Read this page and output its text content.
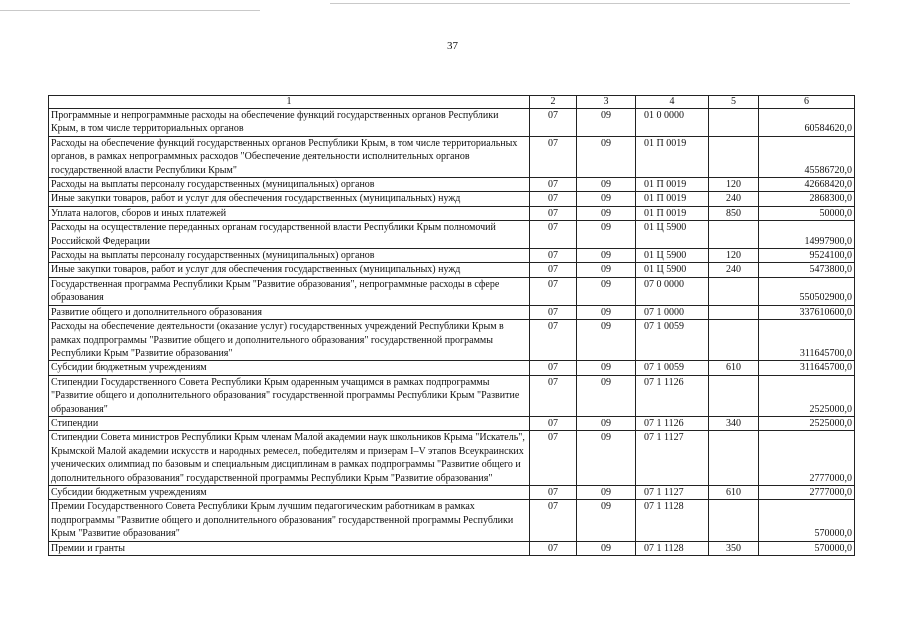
37
1	2	3	4	5	6
Программные и непрограммные расходы на обеспечение функций государственных органов Республики Крым, в том числе территориальных органов	07	09	01 0 0000		60584620,0
Расходы на обеспечение функций государственных органов Республики Крым, в том числе территориальных органов, в рамках непрограммных расходов "Обеспечение деятельности исполнительных органов государственной власти Республики Крым"	07	09	01 П 0019		45586720,0
Расходы на выплаты персоналу государственных (муниципальных) органов	07	09	01 П 0019	120	42668420,0
Иные закупки товаров, работ и услуг для обеспечения государственных (муниципальных) нужд	07	09	01 П 0019	240	2868300,0
Уплата налогов, сборов и иных платежей	07	09	01 П 0019	850	50000,0
Расходы на осуществление переданных органам государственной власти Республики Крым полномочий Российской Федерации	07	09	01 Ц 5900		14997900,0
Расходы на выплаты персоналу государственных (муниципальных) органов	07	09	01 Ц 5900	120	9524100,0
Иные закупки товаров, работ и услуг для обеспечения государственных (муниципальных) нужд	07	09	01 Ц 5900	240	5473800,0
Государственная программа Республики Крым "Развитие образования", непрограммные расходы в сфере образования	07	09	07 0 0000		550502900,0
Развитие общего и дополнительного образования	07	09	07 1 0000		337610600,0
Расходы на обеспечение деятельности (оказание услуг) государственных учреждений Республики Крым в рамках подпрограммы "Развитие общего и дополнительного образования" государственной программы Республики Крым "Развитие образования"	07	09	07 1 0059		311645700,0
Субсидии бюджетным учреждениям	07	09	07 1 0059	610	311645700,0
Стипендии Государственного Совета Республики Крым одаренным учащимся в рамках подпрограммы "Развитие общего и дополнительного образования" государственной программы Республики Крым "Развитие образования"	07	09	07 1 1126		2525000,0
Стипендии	07	09	07 1 1126	340	2525000,0
Стипендии Совета министров Республики Крым членам Малой академии наук школьников Крыма "Искатель", Крымской Малой академии искусств и народных ремесел, победителям и призерам I–V этапов Всеукраинских ученических олимпиад по базовым и специальным дисциплинам в рамках подпрограммы "Развитие общего и дополнительного образования" государственной программы Республики Крым "Развитие образования"	07	09	07 1 1127		2777000,0
Субсидии бюджетным учреждениям	07	09	07 1 1127	610	2777000,0
Премии Государственного Совета Республики Крым лучшим педагогическим работникам в рамках подпрограммы "Развитие общего и дополнительного образования" государственной программы Республики Крым "Развитие образования"	07	09	07 1 1128		570000,0
Премии и гранты	07	09	07 1 1128	350	570000,0
